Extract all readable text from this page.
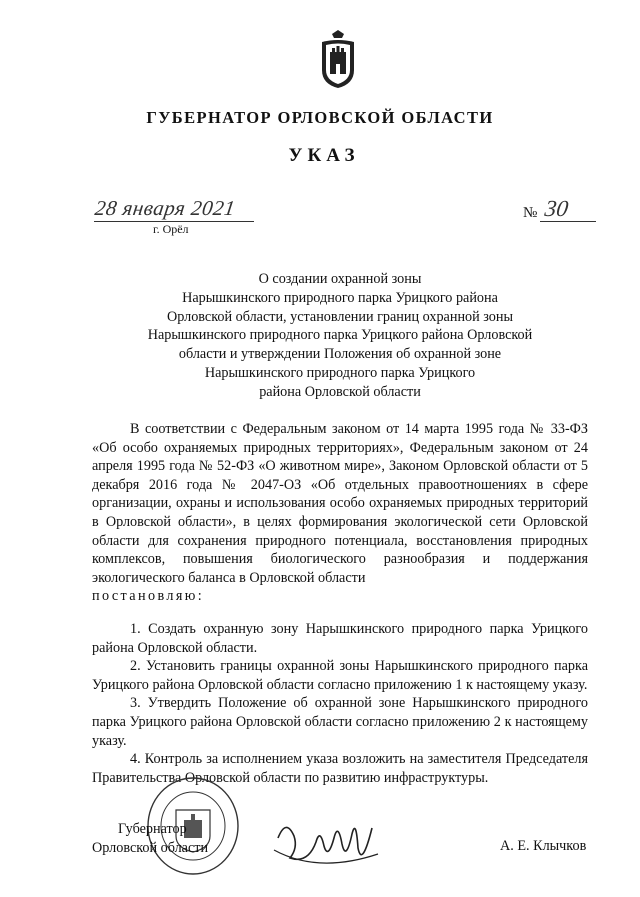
ГУБЕРНАТОР ОРЛОВСКОЙ ОБЛАСТИ
УКАЗ
28 января 2021
г. Орёл
№ 30
О создании охранной зоны
Нарышкинского природного парка Урицкого района
Орловской области, установлении границ охранной зоны
Нарышкинского природного парка Урицкого района Орловской
области и утверждении Положения об охранной зоне
Нарышкинского природного парка Урицкого
района Орловской области

В соответствии с Федеральным законом от 14 марта 1995 года № 33-ФЗ «Об особо охраняемых природных территориях», Федеральным законом от 24 апреля 1995 года № 52-ФЗ «О животном мире», Законом Орловской области от 5 декабря 2016 года № 2047-ОЗ «Об отдельных правоотношениях в сфере организации, охраны и использования особо охраняемых природных территорий в Орловской области», в целях формирования экологической сети Орловской области для сохранения природного потенциала, восстановления природных комплексов, повышения биологического разнообразия и поддержания экологического баланса в Орловской области

постановляю:

1. Создать охранную зону Нарышкинского природного парка Урицкого района Орловской области.

2. Установить границы охранной зоны Нарышкинского природного парка Урицкого района Орловской области согласно приложению 1 к настоящему указу.

3. Утвердить Положение об охранной зоне Нарышкинского природного парка Урицкого района Орловской области согласно приложению 2 к настоящему указу.

4. Контроль за исполнением указа возложить на заместителя Председателя Правительства Орловской области по развитию инфраструктуры.

Губернатор
Орловской области	А. Е. Клычков
